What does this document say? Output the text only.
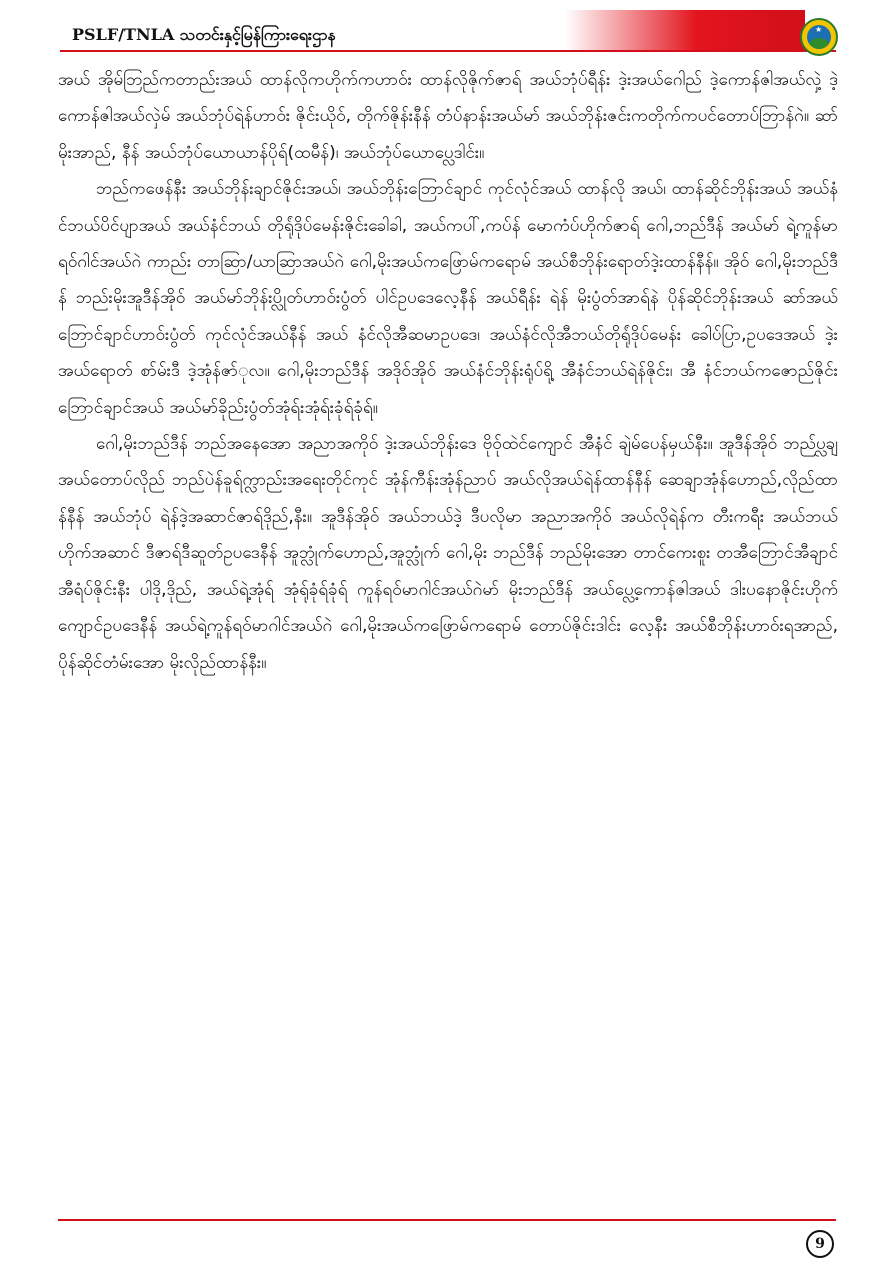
PSLF/TNLA သတင်းနှင့်မြန်ကြားရေးဌာန	★

အယ် အိုမ်ဘြည်ကတာည်းအယ် ထာန်လိုကဟိုက်ကဟာဝ်း ထာန်လိုဇိုက်ဇာရ် အယ်ဘုံပ်ရီန်း ဒဲ့းအယ်ဂေါည် ဒဲ့ကောန်ဇါအယ်လှဲ့ ဒဲ့ကောန်ဇါအယ်လှဲမ် အယ်ဘုံပ်ရဲန်ဟာဝ်း ဇိုင်းယိုဝ်, တိုက်ဇိုန်းနီန် တံပ်နာန်းအယ်မာ် အယ်ဘိုန်းဇင်းကတိုက်ကပင်တောပ်ဘြာန်ဂဲ။ ဆာ်မိုးအာည်, နီန် အယ်ဘုံပ်ယောယာန်ပိုရ်(ထမီန်)၊ အယ်ဘုံပ်ယောပ္လေဒါင်း။

ဘည်ကဖေန်နီး အယ်ဘိုန်းချာင်ဇိုင်းအယ်၊ အယ်ဘိုန်းဘြောင်ချာင် ကုင်လုံင်အယ် ထာန်လို အယ်၊ ထာန်ဆိုင်ဘိုန်းအယ် အယ်နံင်ဘယ်ပိင်ပျာအယ် အယ်နံင်ဘယ် တိုရ်ုံဒိုပ်မေန်းဇိုင်းခေါခါ, အယ်ကပါ်,ကပ်န် မောကံပ်ဟိုက်ဇာရ် ဂေါ,ဘည်ဒီန် အယ်မာ် ရဲ့ကူန်မာရဝ်ဂါင်အယ်ဂဲ ကာည်း တာဆြာ/ယာဆြာအယ်ဂဲ ဂေါ,မိုးအယ်ကဖြောမ်ကရောမ် အယ်စီဘိုန်းရောတ်ဒဲ့းထာန်နီန်။ အိုဝ် ဂေါ,မိုးဘည်ဒီန် ဘည်းမိုးအူဒီန်အိုဝ် အယ်မာ်ဘိုန်းပ္လိုတ်ဟာဝ်းပွံတ် ပါင်ဥပဒေလေ့နီန် အယ်ရီန်း ရဲန် မိုးပွံတ်အာရ်နဲ ပိုန်ဆိုင်ဘိုန်းအယ် ဆာ်အယ်ဘြောင်ချာင်ဟာဝ်းပွံတ် ကုင်လုံင်အယ်နီန် အယ် နံင်လိုအီဆမာဥပဒေ၊ အယ်နံင်လိုအီဘယ်တိုရ်ုံဒိုပ်မေန်း ခေါပ်ပြာ,ဥပဒေအယ် ဒဲ့းအယ်ရောတ် စာ်မ်းဒီ ဒဲ့အုံန်ဇာ်ုလ။ ဂေါ,မိုးဘည်ဒီန် အဒိုဝ်အိုဝ် အယ်နံင်ဘိုန်းရုံပ်ရို့ အီနံင်ဘယ်ရဲန်ဇိုင်း၊ အီ နံင်ဘယ်ကဇောည်ဇိုင်း ဘြောင်ချာင်အယ် အယ်မာ်ခိုည်းပွံတ်အုံရ်းအုံရ်းခုံရ်ခုံရ်။

ဂေါ,မိုးဘည်ဒီန် ဘည်အနေအော အညာအကိုဝ် ဒဲ့းအယ်ဘိုန်းဒေ ဗိုဝ်ုထဲင်ကျောင် အီနံင် ချဲမ်ပေန်မှယ်နီး။ အူဒီန်အိုဝ် ဘည်ပ္လချ အယ်တောပ်လိုည် ဘည်ပဲန်ခူရ်က္လာည်းအရေးတိုင်ကုင် အုံန်ကီန်းအုံန်ညာပ် အယ်လိုအယ်ရဲန်ထာန်နီန် ဆေချာအုံန်ဟောည်,လိုည်ထာန်နီန် အယ်ဘုံပ် ရဲန်ဒဲ့အဆာင်ဇာရ်ဒိုည်,နီး။ အူဒီန်အိုဝ် အယ်ဘယ်ဒဲ့ ဒီပလိုမာ အညာအကိုဝ် အယ်လိုရဲန်က တီးကရီး အယ်ဘယ်ဟိုက်အဆာင် ဒီဇာရ်ဒီဆူတ်ဥပဒေနီန် အူဘ္လုံက်ဟောည်,အူဘ္လုံက် ဂေါ,မိုး ဘည်ဒီန် ဘည်မိုးအော တာင်ကေးစူး တအီဘြောင်အီချာင်အီရံပ်ဇိုင်းနီး ပါဒို,ဒိုည်, အယ်ရဲ့အုံရ် အုံရ်ုခုံရ်ခုံရ် ကူန်ရဝ်မာဂါင်အယ်ဂဲမာ် မိုးဘည်ဒီန် အယ်ပ္လေ့ကောန်ဇါအယ် ဒါးပနောဇိုင်းဟိုက် ကျောင်ဥပဒေနီန် အယ်ရဲ့ကူန်ရဝ်မာဂါင်အယ်ဂဲ ဂေါ,မိုးအယ်ကဖြောမ်ကရောမ် တောပ်ဇိုင်းဒါင်း လေ့နီး အယ်စီဘိုန်းဟာဝ်းရအာည်, ပိုန်ဆိုင်တံမ်းအော မိုးလိုည်ထာန်နီး။

9
